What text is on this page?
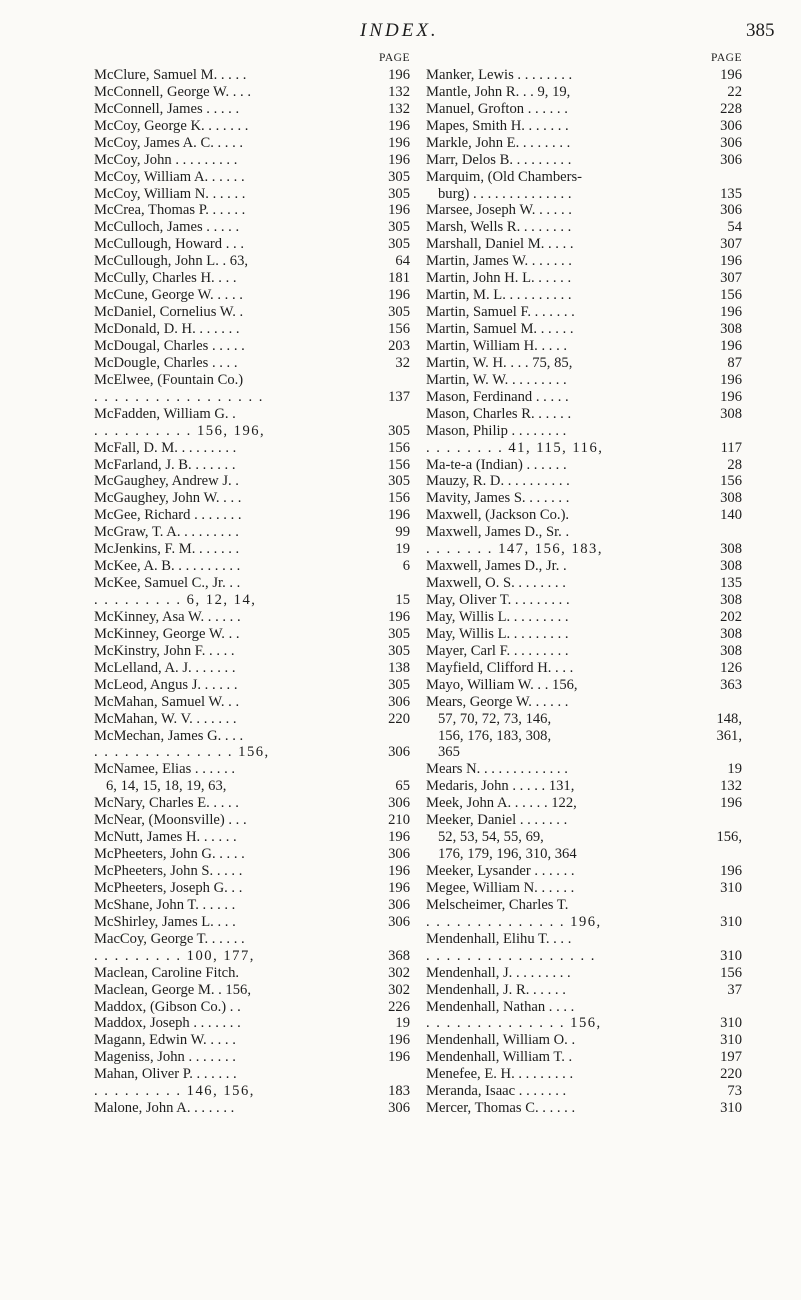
INDEX.	385
PAGE
McClure, Samuel M. . . . .	196
McConnell, George W. . . .	132
McConnell, James . . . . .	132
McCoy, George K. . . . . . .	196
McCoy, James A. C. . . . .	196
McCoy, John . . . . . . . . .	196
McCoy, William A. . . . . .	305
McCoy, William N. . . . . .	305
McCrea, Thomas P. . . . . .	196
McCulloch, James . . . . .	305
McCullough, Howard . . .	305
McCullough, John L. . 63,	64
McCully, Charles H. . . .	181
McCune, George W. . . . .	196
McDaniel, Cornelius W. .	305
McDonald, D. H. . . . . . .	156
McDougal, Charles . . . . .	203
McDougle, Charles . . . .	32
McElwee, (Fountain Co.)
. . . . . . . . . . . . . . . . .	137
McFadden, William G. .
. . . . . . . . . . 156, 196,	305
McFall, D. M. . . . . . . . .	156
McFarland, J. B. . . . . . .	156
McGaughey, Andrew J. .	305
McGaughey, John W. . . .	156
McGee, Richard . . . . . . .	196
McGraw, T. A. . . . . . . . .	99
McJenkins, F. M. . . . . . .	19
McKee, A. B. . . . . . . . . .	6
McKee, Samuel C., Jr. . .
. . . . . . . . . 6, 12, 14,	15
McKinney, Asa W. . . . . .	196
McKinney, George W. . .	305
McKinstry, John F. . . . .	305
McLelland, A. J. . . . . . .	138
McLeod, Angus J. . . . . .	305
McMahan, Samuel W. . .	306
McMahan, W. V. . . . . . .	220
McMechan, James G. . . .
. . . . . . . . . . . . . . 156,	306
McNamee, Elias . . . . . .
6, 14, 15, 18, 19, 63,	65
McNary, Charles E. . . . .	306
McNear, (Moonsville) . . .	210
McNutt, James H. . . . . .	196
McPheeters, John G. . . . .	306
McPheeters, John S. . . . .	196
McPheeters, Joseph G. . .	196
McShane, John T. . . . . .	306
McShirley, James L. . . .	306
MacCoy, George T. . . . . .
. . . . . . . . . 100, 177,	368
Maclean, Caroline Fitch.	302
Maclean, George M. . 156,	302
Maddox, (Gibson Co.) . .	226
Maddox, Joseph . . . . . . .	19
Magann, Edwin W. . . . .	196
Mageniss, John . . . . . . .	196
Mahan, Oliver P. . . . . . .
. . . . . . . . . 146, 156,	183
Malone, John A. . . . . . .	306
PAGE
Manker, Lewis . . . . . . . .	196
Mantle, John R. . . 9, 19,	22
Manuel, Grofton . . . . . .	228
Mapes, Smith H. . . . . . .	306
Markle, John E. . . . . . . .	306
Marr, Delos B. . . . . . . . .	306
Marquim, (Old Chambers-
burg) . . . . . . . . . . . . . .	135
Marsee, Joseph W. . . . . .	306
Marsh, Wells R. . . . . . . .	54
Marshall, Daniel M. . . . .	307
Martin, James W. . . . . . .	196
Martin, John H. L. . . . . .	307
Martin, M. L. . . . . . . . . .	156
Martin, Samuel F. . . . . . .	196
Martin, Samuel M. . . . . .	308
Martin, William H. . . . .	196
Martin, W. H. . . . 75, 85,	87
Martin, W. W. . . . . . . . .	196
Mason, Ferdinand . . . . .	196
Mason, Charles R. . . . . .	308
Mason, Philip . . . . . . . .
. . . . . . . . 41, 115, 116,	117
Ma-te-a (Indian) . . . . . .	28
Mauzy, R. D. . . . . . . . . .	156
Mavity, James S. . . . . . .	308
Maxwell, (Jackson Co.).	140
Maxwell, James D., Sr. .
. . . . . . . 147, 156, 183,	308
Maxwell, James D., Jr. .	308
Maxwell, O. S. . . . . . . .	135
May, Oliver T. . . . . . . . .	308
May, Willis L. . . . . . . . .	202
May, Willis L. . . . . . . . .	308
Mayer, Carl F. . . . . . . . .	308
Mayfield, Clifford H. . . .	126
Mayo, William W. . . 156,	363
Mears, George W. . . . . .
57, 70, 72, 73, 146,	148,
156, 176, 183, 308,	361,
365
Mears N. . . . . . . . . . . . .	19
Medaris, John . . . . . 131,	132
Meek, John A. . . . . . 122,	196
Meeker, Daniel . . . . . . .
52, 53, 54, 55, 69,	156,
176, 179, 196, 310, 364
Meeker, Lysander . . . . . .	196
Megee, William N. . . . . .	310
Melscheimer, Charles T.
. . . . . . . . . . . . . . 196,	310
Mendenhall, Elihu T. . . .
. . . . . . . . . . . . . . . . .	310
Mendenhall, J. . . . . . . . .	156
Mendenhall, J. R. . . . . .	37
Mendenhall, Nathan . . . .
. . . . . . . . . . . . . . 156,	310
Mendenhall, William O. .	310
Mendenhall, William T. .	197
Menefee, E. H. . . . . . . . .	220
Meranda, Isaac . . . . . . .	73
Mercer, Thomas C. . . . . .	310
